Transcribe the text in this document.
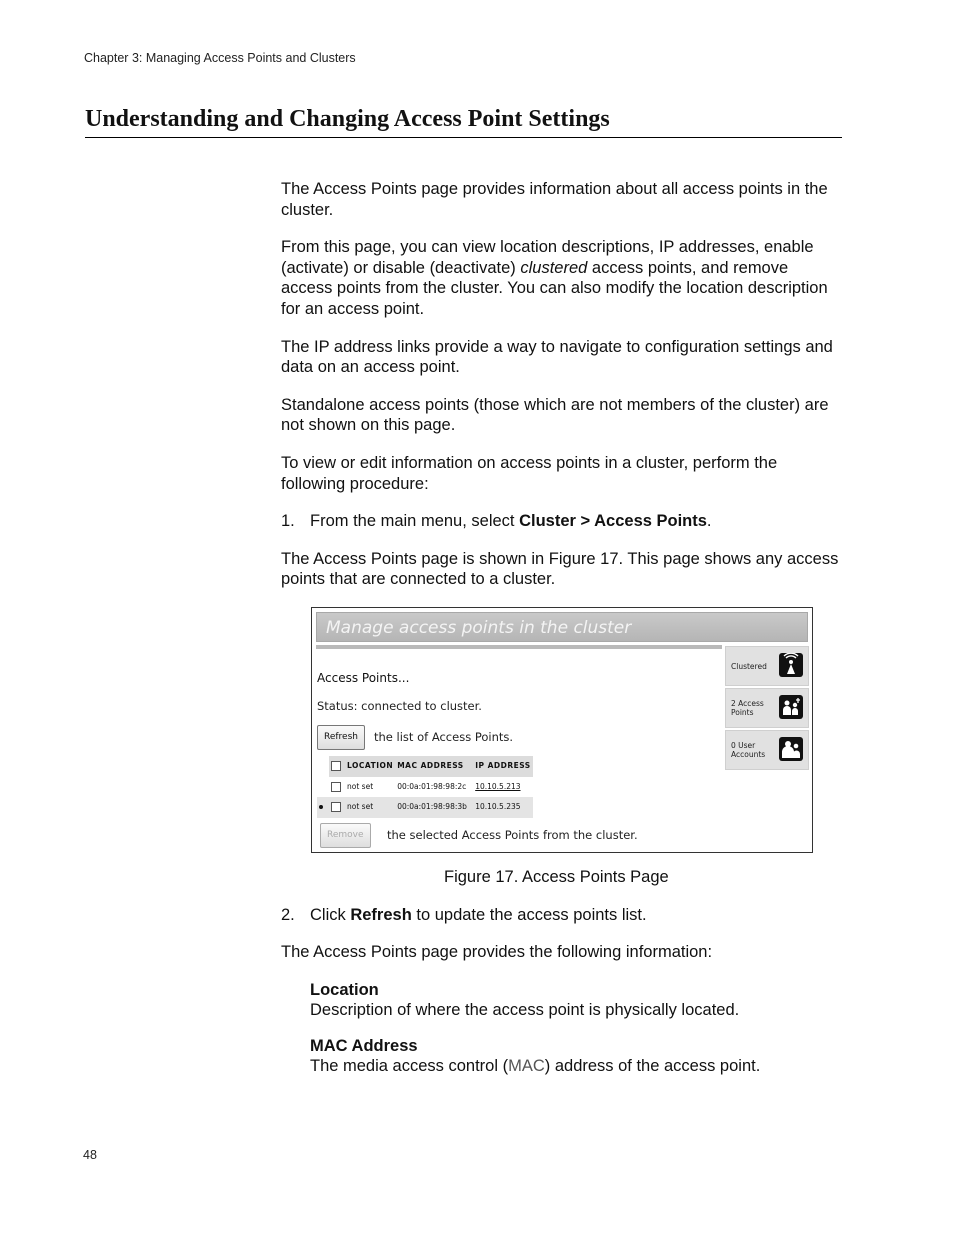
Chapter 3: Managing Access Points and Clusters
Understanding and Changing Access Point Settings

The Access Points page provides information about all access points in the cluster.

From this page, you can view location descriptions, IP addresses, enable (activate) or disable (deactivate) clustered access points, and remove access points from the cluster. You can also modify the location description for an access point.

The IP address links provide a way to navigate to configuration settings and data on an access point.

Standalone access points (those which are not members of the cluster) are not shown on this page.

To view or edit information on access points in a cluster, perform the following procedure:

1. From the main menu, select Cluster > Access Points.

The Access Points page is shown in Figure 17. This page shows any access points that are connected to a cluster.

Manage access points in the cluster
Access Points...
Status: connected to cluster.
Refresh	the list of Access Points.
		LOCATION	MAC ADDRESS	IP ADDRESS
		not set	00:0a:01:98:98:2c	10.10.5.213
		not set	00:0a:01:98:98:3b	10.10.5.235
Remove	the selected Access Points from the cluster.
Clustered
2 Access Points
0 User Accounts
Figure 17. Access Points Page
2. Click Refresh to update the access points list.

The Access Points page provides the following information:

Location
Description of where the access point is physically located.
MAC Address
The media access control (MAC) address of the access point.
48
